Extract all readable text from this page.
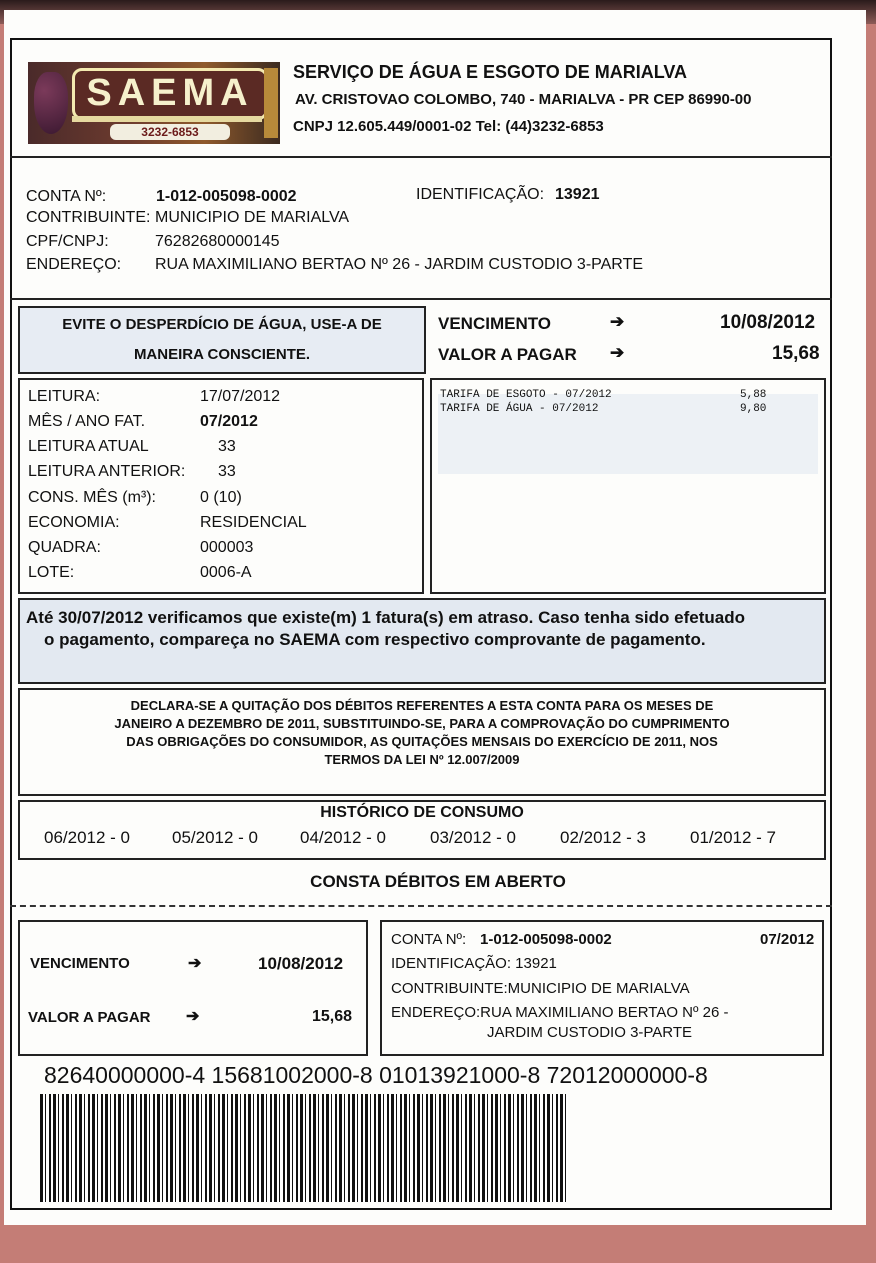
SAEMA
3232-6853
SERVIÇO DE ÁGUA E ESGOTO DE MARIALVA
AV. CRISTOVAO COLOMBO, 740 - MARIALVA - PR CEP 86990-00
CNPJ 12.605.449/0001-02 Tel: (44)3232-6853
CONTA Nº:	1-012-005098-0002	IDENTIFICAÇÃO: 13921
CONTRIBUINTE: MUNICIPIO DE MARIALVA
CPF/CNPJ:	76282680000145
ENDEREÇO: RUA MAXIMILIANO BERTAO Nº 26 - JARDIM CUSTODIO 3-PARTE
EVITE O DESPERDÍCIO DE ÁGUA, USE-A DE
MANEIRA CONSCIENTE.
VENCIMENTO	➔	10/08/2012
VALOR A PAGAR ➔	15,68
LEITURA:	17/07/2012
MÊS / ANO FAT.	07/2012
LEITURA ATUAL	33
LEITURA ANTERIOR: 33
CONS. MÊS (m³):	0 (10)
ECONOMIA:	RESIDENCIAL
QUADRA:	000003
LOTE:	0006-A
TARIFA DE ESGOTO - 07/2012	5,88
TARIFA DE ÁGUA - 07/2012	9,80
Até 30/07/2012 verificamos que existe(m) 1 fatura(s) em atraso. Caso tenha sido efetuado
o pagamento, compareça no SAEMA com respectivo comprovante de pagamento.
DECLARA-SE A QUITAÇÃO DOS DÉBITOS REFERENTES A ESTA CONTA PARA OS MESES DE
JANEIRO A DEZEMBRO DE 2011, SUBSTITUINDO-SE, PARA A COMPROVAÇÃO DO CUMPRIMENTO
DAS OBRIGAÇÕES DO CONSUMIDOR, AS QUITAÇÕES MENSAIS DO EXERCÍCIO DE 2011, NOS
TERMOS DA LEI Nº 12.007/2009
HISTÓRICO DE CONSUMO
06/2012 - 0 05/2012 - 0 04/2012 - 0	03/2012 - 0	02/2012 - 3	01/2012 - 7
CONSTA DÉBITOS EM ABERTO
VENCIMENTO	➔	10/08/2012
VALOR A PAGAR ➔	15,68
CONTA Nº: 1-012-005098-0002	07/2012
IDENTIFICAÇÃO: 13921
CONTRIBUINTE:MUNICIPIO DE MARIALVA
ENDEREÇO:RUA MAXIMILIANO BERTAO Nº 26 -
JARDIM CUSTODIO 3-PARTE
82640000000-4 15681002000-8 01013921000-8 72012000000-8
